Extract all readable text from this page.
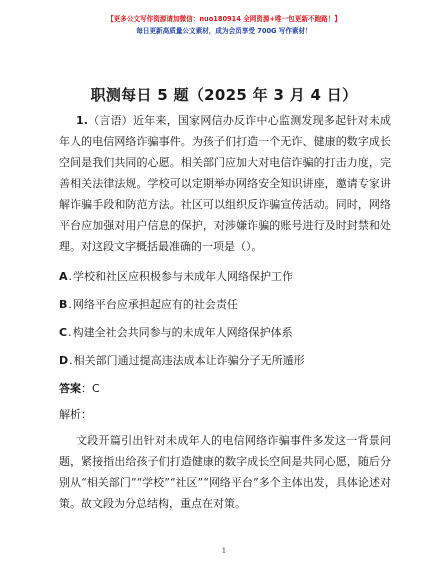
【更多公文写作资源请加微信：nuo180914 全网资源+唯一包更新不跑路！】
每日更新高质量公文素材，成为会员享受 700G 写作素材！
职测每日 5 题（2025 年 3 月 4 日）

1.（言语）近年来，国家网信办反诈中心监测发现多起针对未成年人的电信网络诈骗事件。为孩子们打造一个无诈、健康的数字成长空间是我们共同的心愿。相关部门应加大对电信诈骗的打击力度，完善相关法律法规。学校可以定期举办网络安全知识讲座，邀请专家讲解诈骗手段和防范方法。社区可以组织反诈骗宣传活动。同时，网络平台应加强对用户信息的保护，对涉嫌诈骗的账号进行及时封禁和处理。对这段文字概括最准确的一项是（）。

A . 学校和社区应积极参与未成年人网络保护工作
B . 网络平台应承担起应有的社会责任
C . 构建全社会共同参与的未成年人网络保护体系
D . 相关部门通过提高违法成本让诈骗分子无所遁形
答案：C
解析：

文段开篇引出针对未成年人的电信网络诈骗事件多发这一背景问题，紧接指出给孩子们打造健康的数字成长空间是共同心愿，随后分别从“相关部门”“学校”“社区”“网络平台”多个主体出发，具体论述对策。故文段为分总结构，重点在对策。

1
